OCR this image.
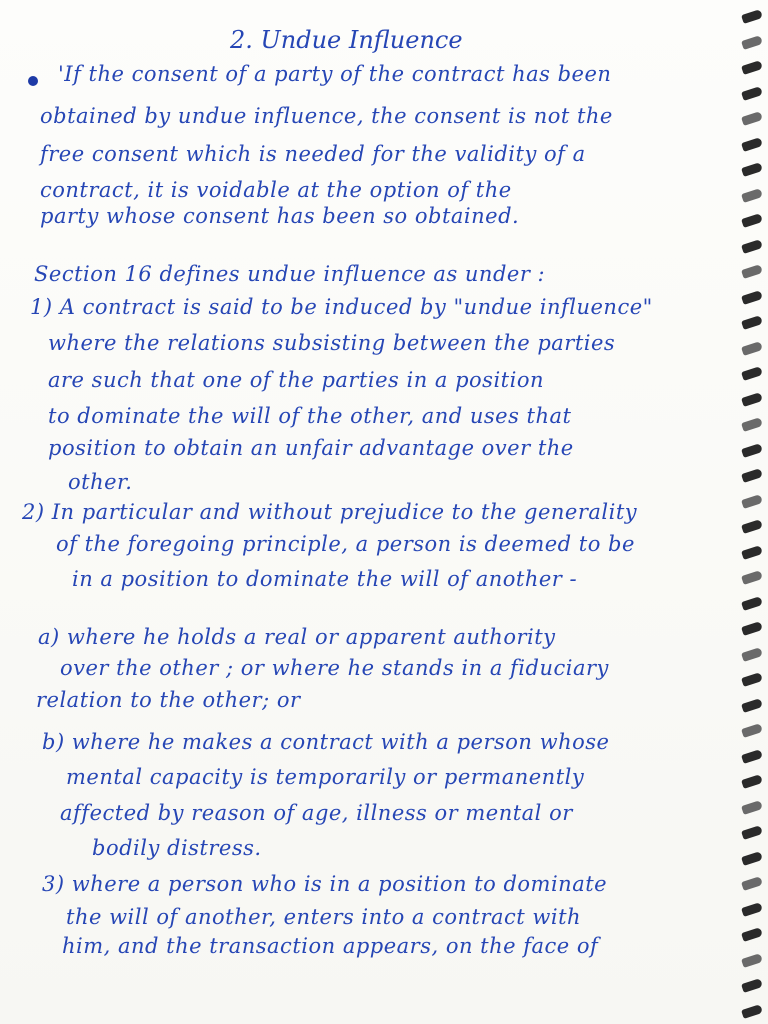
2. Undue Influence
'If the consent of a party of the contract has been
obtained by undue influence, the consent is not the
free consent which is needed for the validity of a
contract, it is voidable at the option of the
party whose consent has been so obtained.
Section 16 defines undue influence as under :
1) A contract is said to be induced by "undue influence"
where the relations subsisting between the parties
are such that one of the parties in a position
to dominate the will of the other, and uses that
position to obtain an unfair advantage over the
other.
2) In particular and without prejudice to the generality
of the foregoing principle, a person is deemed to be
in a position to dominate the will of another -
a) where he holds a real or apparent authority
over the other ; or where he stands in a fiduciary
relation to the other; or
b) where he makes a contract with a person whose
mental capacity is temporarily or permanently
affected by reason of age, illness or mental or
bodily distress.
3) where a person who is in a position to dominate
the will of another, enters into a contract with
him, and the transaction appears, on the face of
